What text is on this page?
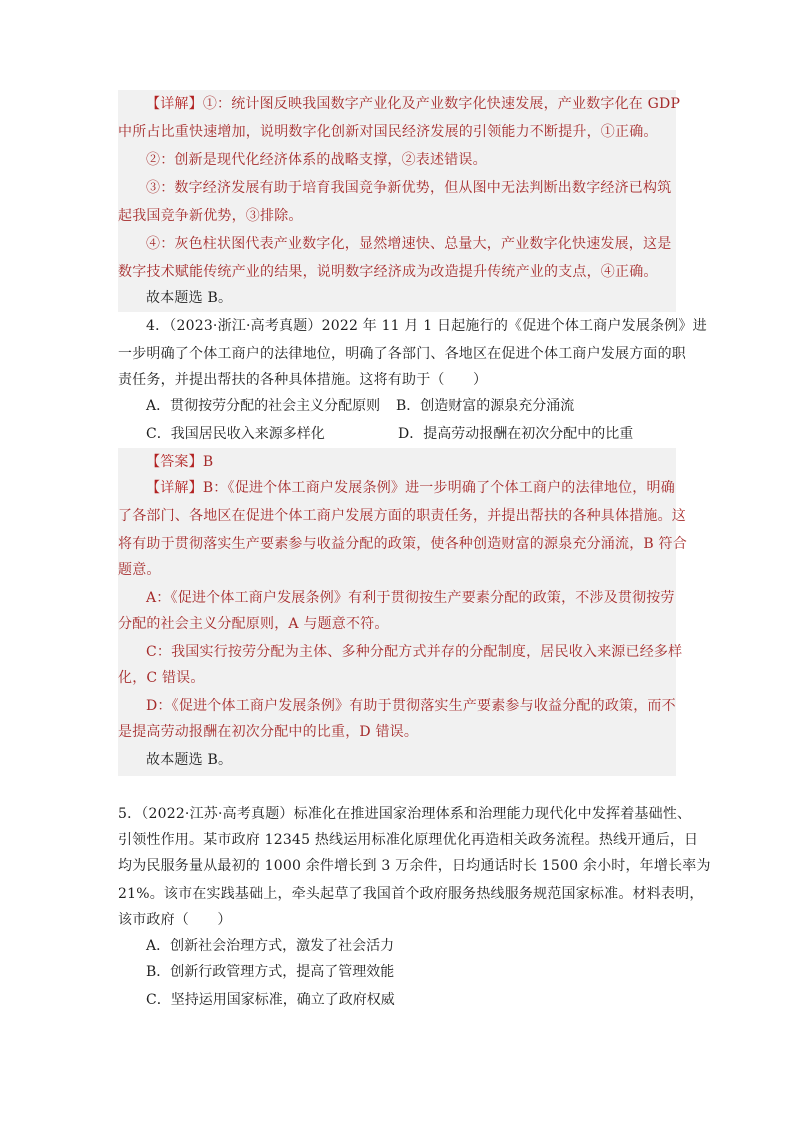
【详解】①：统计图反映我国数字产业化及产业数字化快速发展，产业数字化在 GDP
中所占比重快速增加，说明数字化创新对国民经济发展的引领能力不断提升，①正确。
②：创新是现代化经济体系的战略支撑，②表述错误。
③：数字经济发展有助于培育我国竞争新优势，但从图中无法判断出数字经济已构筑
起我国竞争新优势，③排除。
④：灰色柱状图代表产业数字化，显然增速快、总量大，产业数字化快速发展，这是
数字技术赋能传统产业的结果，说明数字经济成为改造提升传统产业的支点，④正确。
故本题选 B。
4．（2023·浙江·高考真题）2022 年 11 月 1 日起施行的《促进个体工商户发展条例》进
一步明确了个体工商户的法律地位，明确了各部门、各地区在促进个体工商户发展方面的职
责任务，并提出帮扶的各种具体措施。这将有助于（　　）
A．贯彻按劳分配的社会主义分配原则 B．创造财富的源泉充分涌流
C．我国居民收入来源多样化	D．提高劳动报酬在初次分配中的比重
【答案】B
【详解】B：《促进个体工商户发展条例》进一步明确了个体工商户的法律地位，明确
了各部门、各地区在促进个体工商户发展方面的职责任务，并提出帮扶的各种具体措施。这
将有助于贯彻落实生产要素参与收益分配的政策，使各种创造财富的源泉充分涌流，B 符合
题意。
A：《促进个体工商户发展条例》有利于贯彻按生产要素分配的政策，不涉及贯彻按劳
分配的社会主义分配原则，A 与题意不符。
C：我国实行按劳分配为主体、多种分配方式并存的分配制度，居民收入来源已经多样
化，C 错误。
D：《促进个体工商户发展条例》有助于贯彻落实生产要素参与收益分配的政策，而不
是提高劳动报酬在初次分配中的比重，D 错误。
故本题选 B。
5．（2022·江苏·高考真题）标准化在推进国家治理体系和治理能力现代化中发挥着基础性、
引领性作用。某市政府 12345 热线运用标准化原理优化再造相关政务流程。热线开通后，日
均为民服务量从最初的 1000 余件增长到 3 万余件，日均通话时长 1500 余小时，年增长率为
21%。该市在实践基础上，牵头起草了我国首个政府服务热线服务规范国家标准。材料表明，
该市政府（　　）
A．创新社会治理方式，激发了社会活力
B．创新行政管理方式，提高了管理效能
C．坚持运用国家标准，确立了政府权威
